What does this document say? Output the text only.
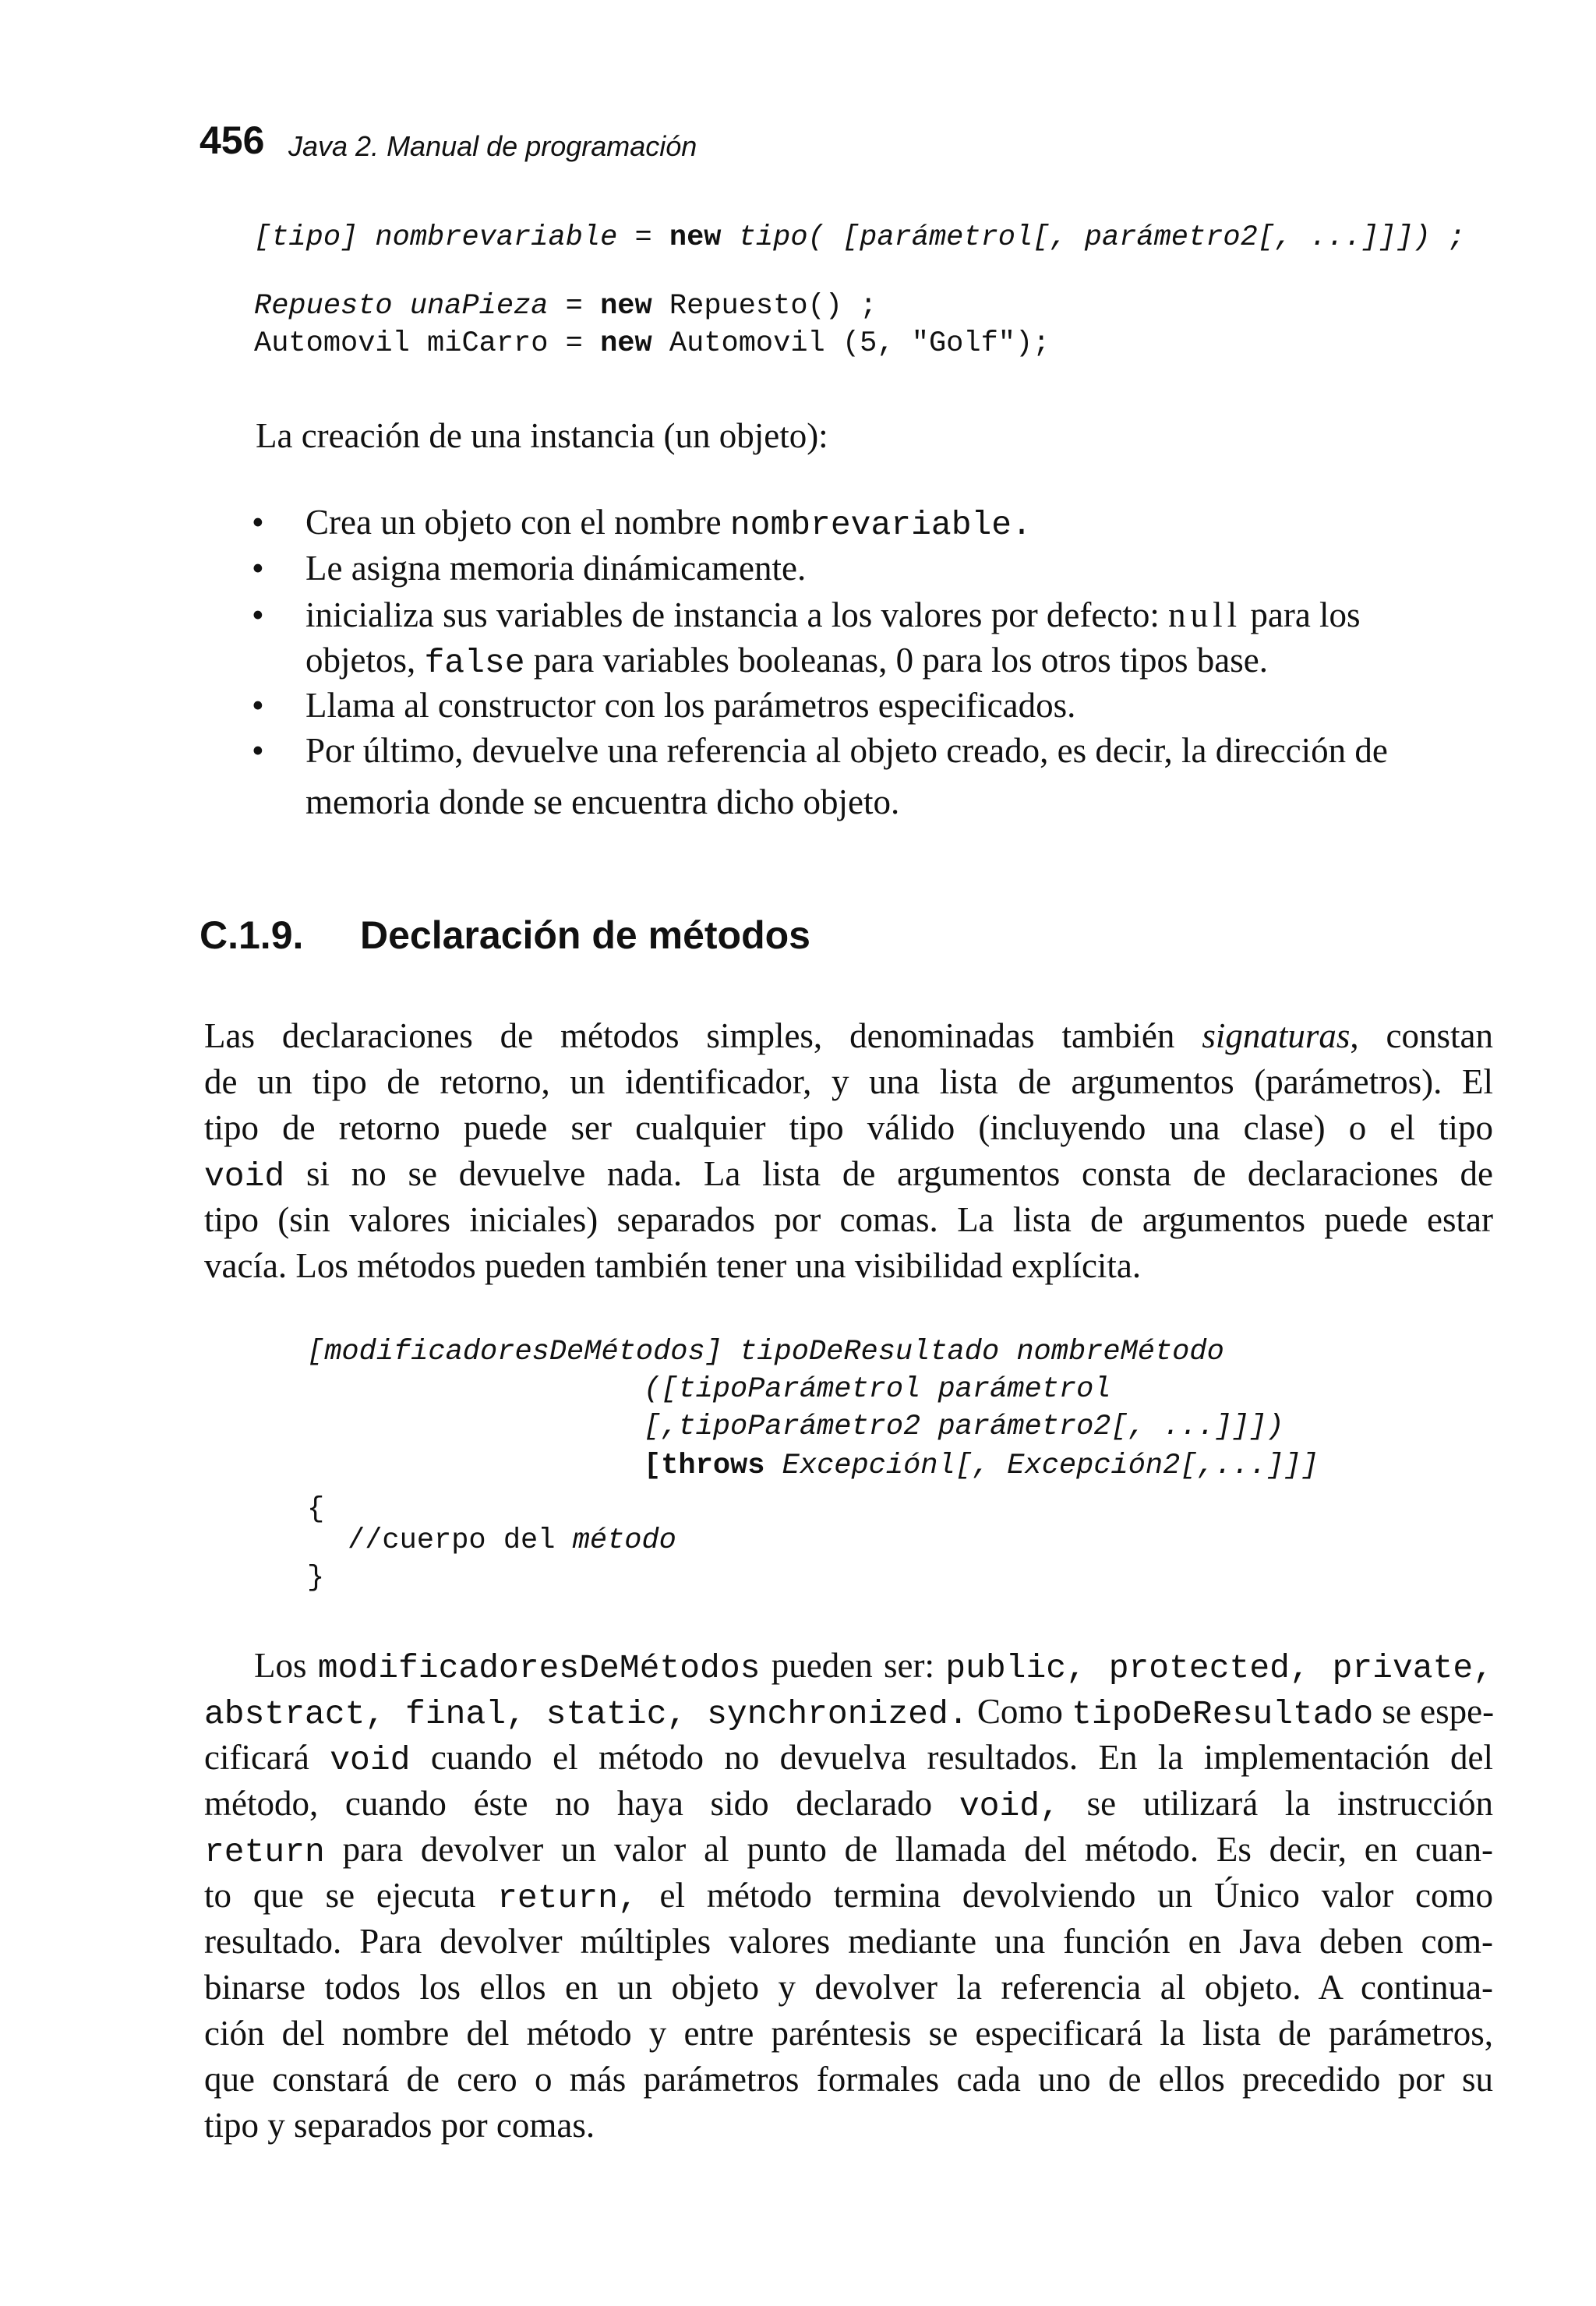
456 Java 2. Manual de programación
[tipo] nombrevariable = new tipo( [parámetrol[, parámetro2[, ...]]]) ;
Repuesto unaPieza = new Repuesto() ;
Automovil miCarro = new Automovil (5, "Golf");
La creación de una instancia (un objeto):
• Crea un objeto con el nombre nombrevariable.
• Le asigna memoria dinámicamente.
• inicializa sus variables de instancia a los valores por defecto: null para los
objetos, false para variables booleanas, 0 para los otros tipos base.
• Llama al constructor con los parámetros especificados.
• Por último, devuelve una referencia al objeto creado, es decir, la dirección de
memoria donde se encuentra dicho objeto.
C.1.9. Declaración de métodos
Las declaraciones de métodos simples, denominadas también signaturas, constan
de un tipo de retorno, un identificador, y una lista de argumentos (parámetros). El
tipo de retorno puede ser cualquier tipo válido (incluyendo una clase) o el tipo
void si no se devuelve nada. La lista de argumentos consta de declaraciones de
tipo (sin valores iniciales) separados por comas. La lista de argumentos puede estar
vacía. Los métodos pueden también tener una visibilidad explícita.
[modificadoresDeMétodos] tipoDeResultado nombreMétodo
([tipoParámetrol parámetrol
[,tipoParámetro2 parámetro2[, ...]]])
[throws Excepciónl[, Excepción2[,...]]]
{
//cuerpo del método
}
Los modificadoresDeMétodos pueden ser: public, protected, private,
abstract, final, static, synchronized. Como tipoDeResultado se espe-
cificará void cuando el método no devuelva resultados. En la implementación del
método, cuando éste no haya sido declarado void, se utilizará la instrucción
return para devolver un valor al punto de llamada del método. Es decir, en cuan-
to que se ejecuta return, el método termina devolviendo un Único valor como
resultado. Para devolver múltiples valores mediante una función en Java deben com-
binarse todos los ellos en un objeto y devolver la referencia al objeto. A continua-
ción del nombre del método y entre paréntesis se especificará la lista de parámetros,
que constará de cero o más parámetros formales cada uno de ellos precedido por su
tipo y separados por comas.
